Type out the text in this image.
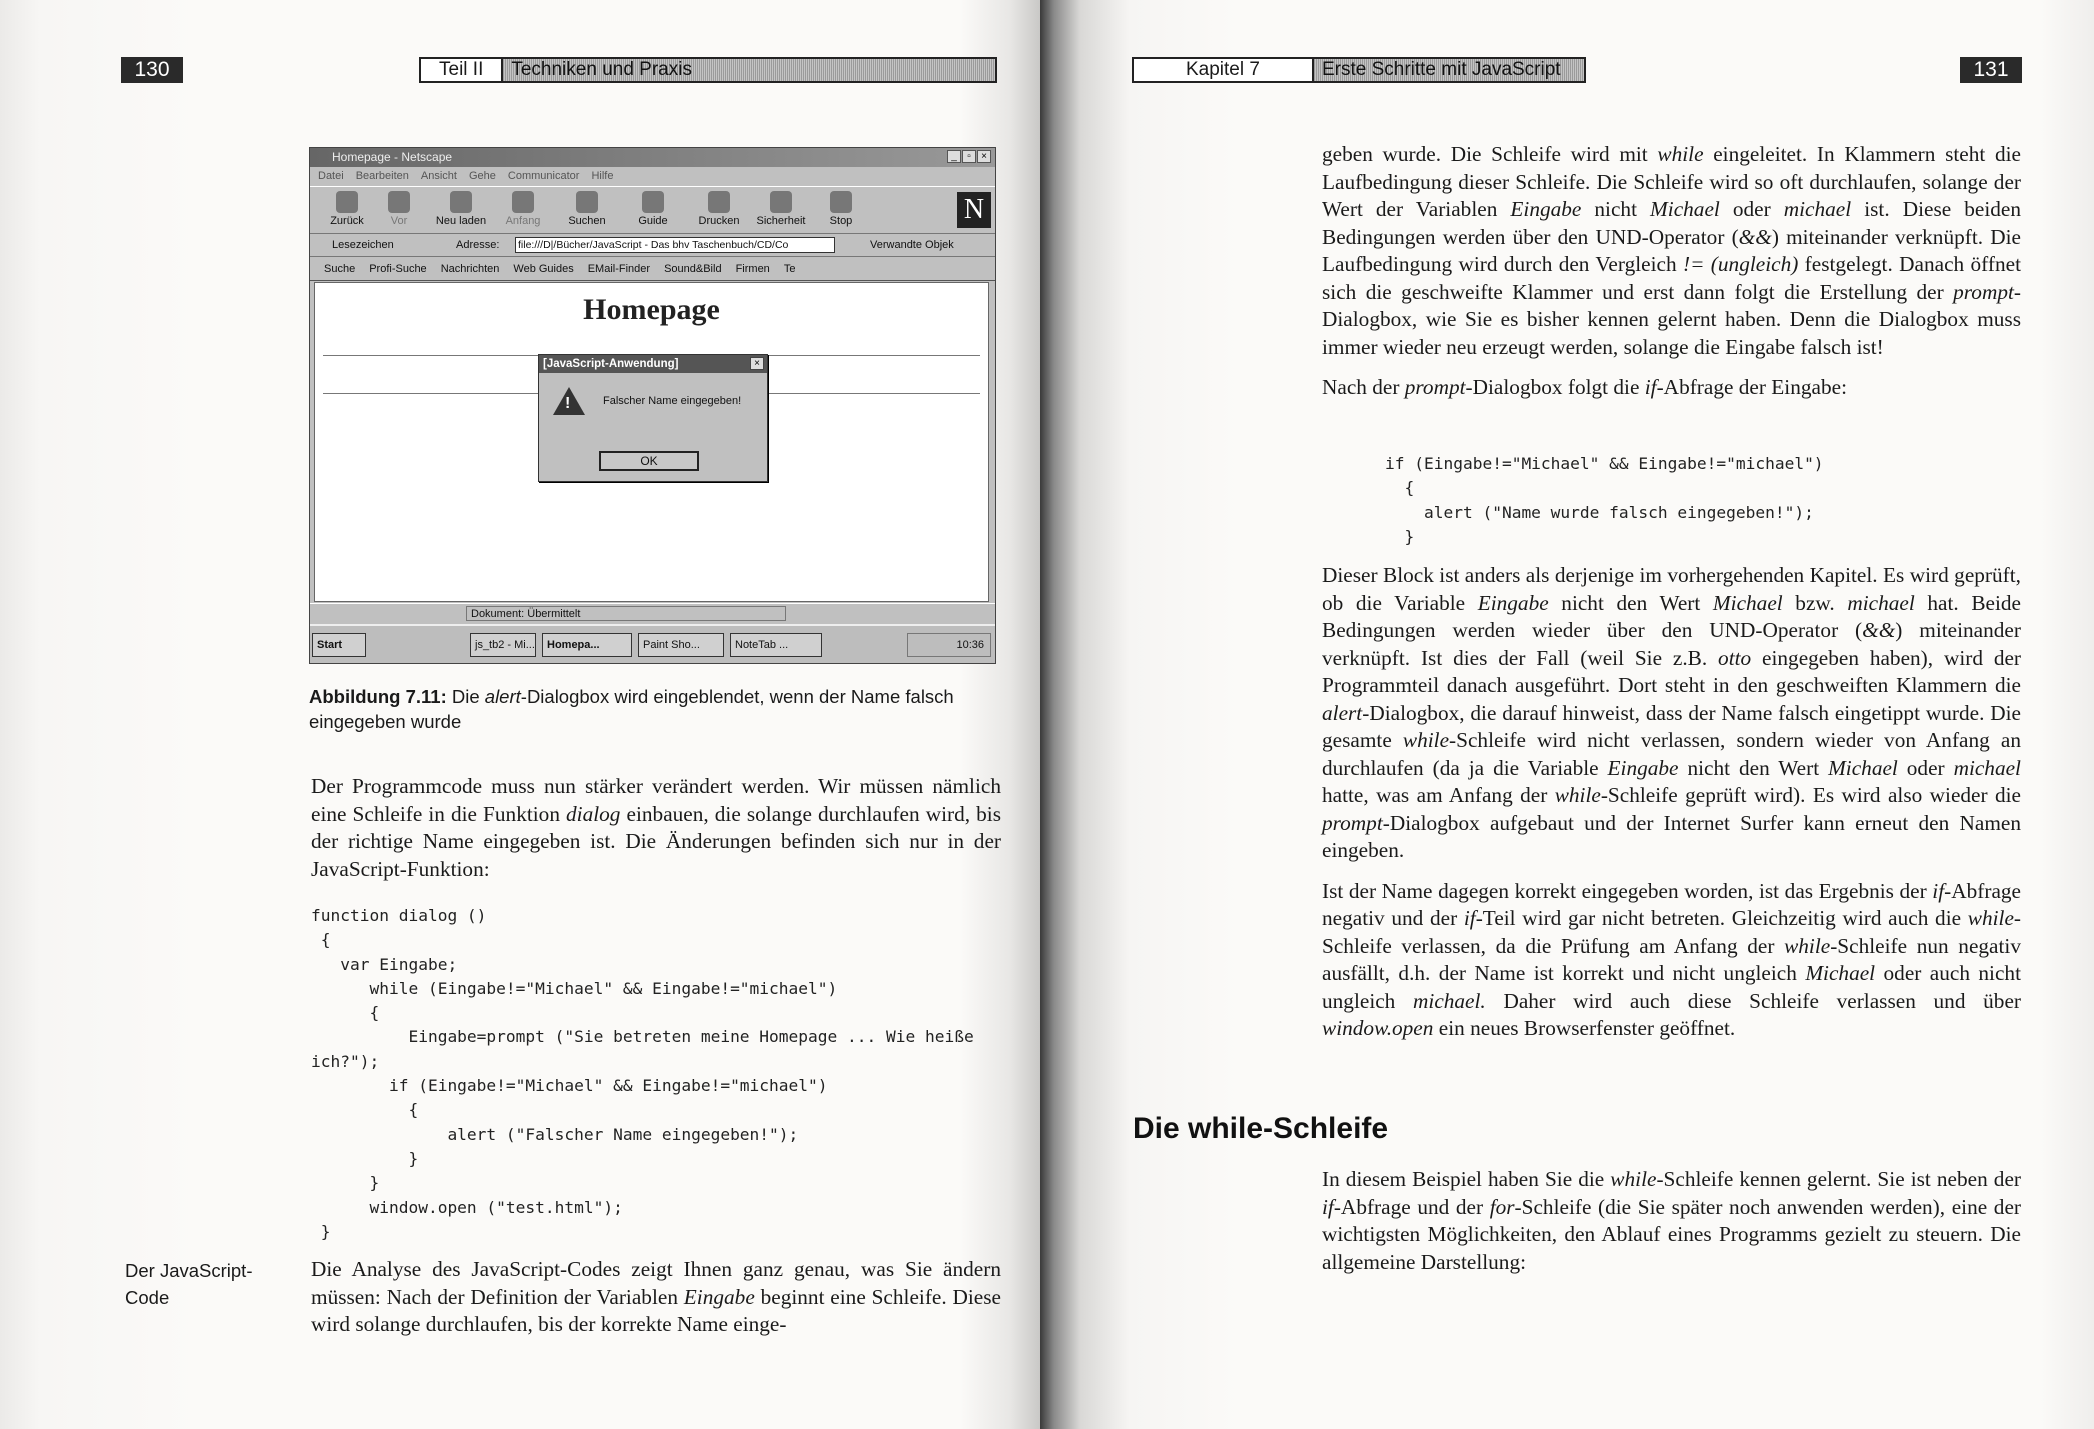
130	Teil II	Techniken und Praxis
Homepage - Netscape	_	▫	×
Datei Bearbeiten Ansicht Gehe Communicator Hilfe
Zurück	Vor	Neu laden	Anfang	Suchen	Guide	Drucken	Sicherheit	Stop	N
Lesezeichen	Adresse: file:///D|/Bücher/JavaScript - Das bhv Taschenbuch/CD/Co	Verwandte Objek
Suche Profi-Suche Nachrichten Web Guides EMail-Finder Sound&Bild Firmen Te
Homepage
[JavaScript-Anwendung]	×
!	Falscher Name eingegeben!
OK
Dokument: Übermittelt
Start	js_tb2 - Mi...	Homepa...	Paint Sho...	NoteTab ...	10:36
Abbildung 7.11: Die alert-Dialogbox wird eingeblendet, wenn der Name falsch eingegeben wurde

Der Programmcode muss nun stärker verändert werden. Wir müssen nämlich eine Schleife in die Funktion dialog einbauen, die solange durchlaufen wird, bis der richtige Name eingegeben ist. Die Änderungen befinden sich nur in der JavaScript-Funktion:

function dialog ()
{
var Eingabe;
while (Eingabe!="Michael" && Eingabe!="michael")
{
Eingabe=prompt ("Sie betreten meine Homepage ... Wie heiße
ich?");
if (Eingabe!="Michael" && Eingabe!="michael")
{
alert ("Falscher Name eingegeben!");
}
}
window.open ("test.html");
}
Der JavaScript-Code

Die Analyse des JavaScript-Codes zeigt Ihnen ganz genau, was Sie ändern müssen: Nach der Definition der Variablen Eingabe beginnt eine Schleife. Diese wird solange durchlaufen, bis der korrekte Name einge-

Kapitel 7	Erste Schritte mit JavaScript	131

geben wurde. Die Schleife wird mit while eingeleitet. In Klammern steht die Laufbedingung dieser Schleife. Die Schleife wird so oft durchlaufen, solange der Wert der Variablen Eingabe nicht Michael oder michael ist. Diese beiden Bedingungen werden über den UND-Operator (&&) miteinander verknüpft. Die Laufbedingung wird durch den Vergleich != (ungleich) festgelegt. Danach öffnet sich die geschweifte Klammer und erst dann folgt die Erstellung der prompt-Dialogbox, wie Sie es bisher kennen gelernt haben. Denn die Dialogbox muss immer wieder neu erzeugt werden, solange die Eingabe falsch ist!

Nach der prompt-Dialogbox folgt die if-Abfrage der Eingabe:

if (Eingabe!="Michael" && Eingabe!="michael")
{
alert ("Name wurde falsch eingegeben!");
}

Dieser Block ist anders als derjenige im vorhergehenden Kapitel. Es wird geprüft, ob die Variable Eingabe nicht den Wert Michael bzw. michael hat. Beide Bedingungen werden wieder über den UND-Operator (&&) miteinander verknüpft. Ist dies der Fall (weil Sie z.B. otto eingegeben haben), wird der Programmteil danach ausgeführt. Dort steht in den geschweiften Klammern die alert-Dialogbox, die darauf hinweist, dass der Name falsch eingetippt wurde. Die gesamte while-Schleife wird nicht verlassen, sondern wieder von Anfang an durchlaufen (da ja die Variable Eingabe nicht den Wert Michael oder michael hatte, was am Anfang der while-Schleife geprüft wird). Es wird also wieder die prompt-Dialogbox aufgebaut und der Internet Surfer kann erneut den Namen eingeben.

Ist der Name dagegen korrekt eingegeben worden, ist das Ergebnis der if-Abfrage negativ und der if-Teil wird gar nicht betreten. Gleichzeitig wird auch die while-Schleife verlassen, da die Prüfung am Anfang der while-Schleife nun negativ ausfällt, d.h. der Name ist korrekt und nicht ungleich Michael oder auch nicht ungleich michael. Daher wird auch diese Schleife verlassen und über window.open ein neues Browserfenster geöffnet.

Die while-Schleife

In diesem Beispiel haben Sie die while-Schleife kennen gelernt. Sie ist neben der if-Abfrage und der for-Schleife (die Sie später noch anwenden werden), eine der wichtigsten Möglichkeiten, den Ablauf eines Programms gezielt zu steuern. Die allgemeine Darstellung:
